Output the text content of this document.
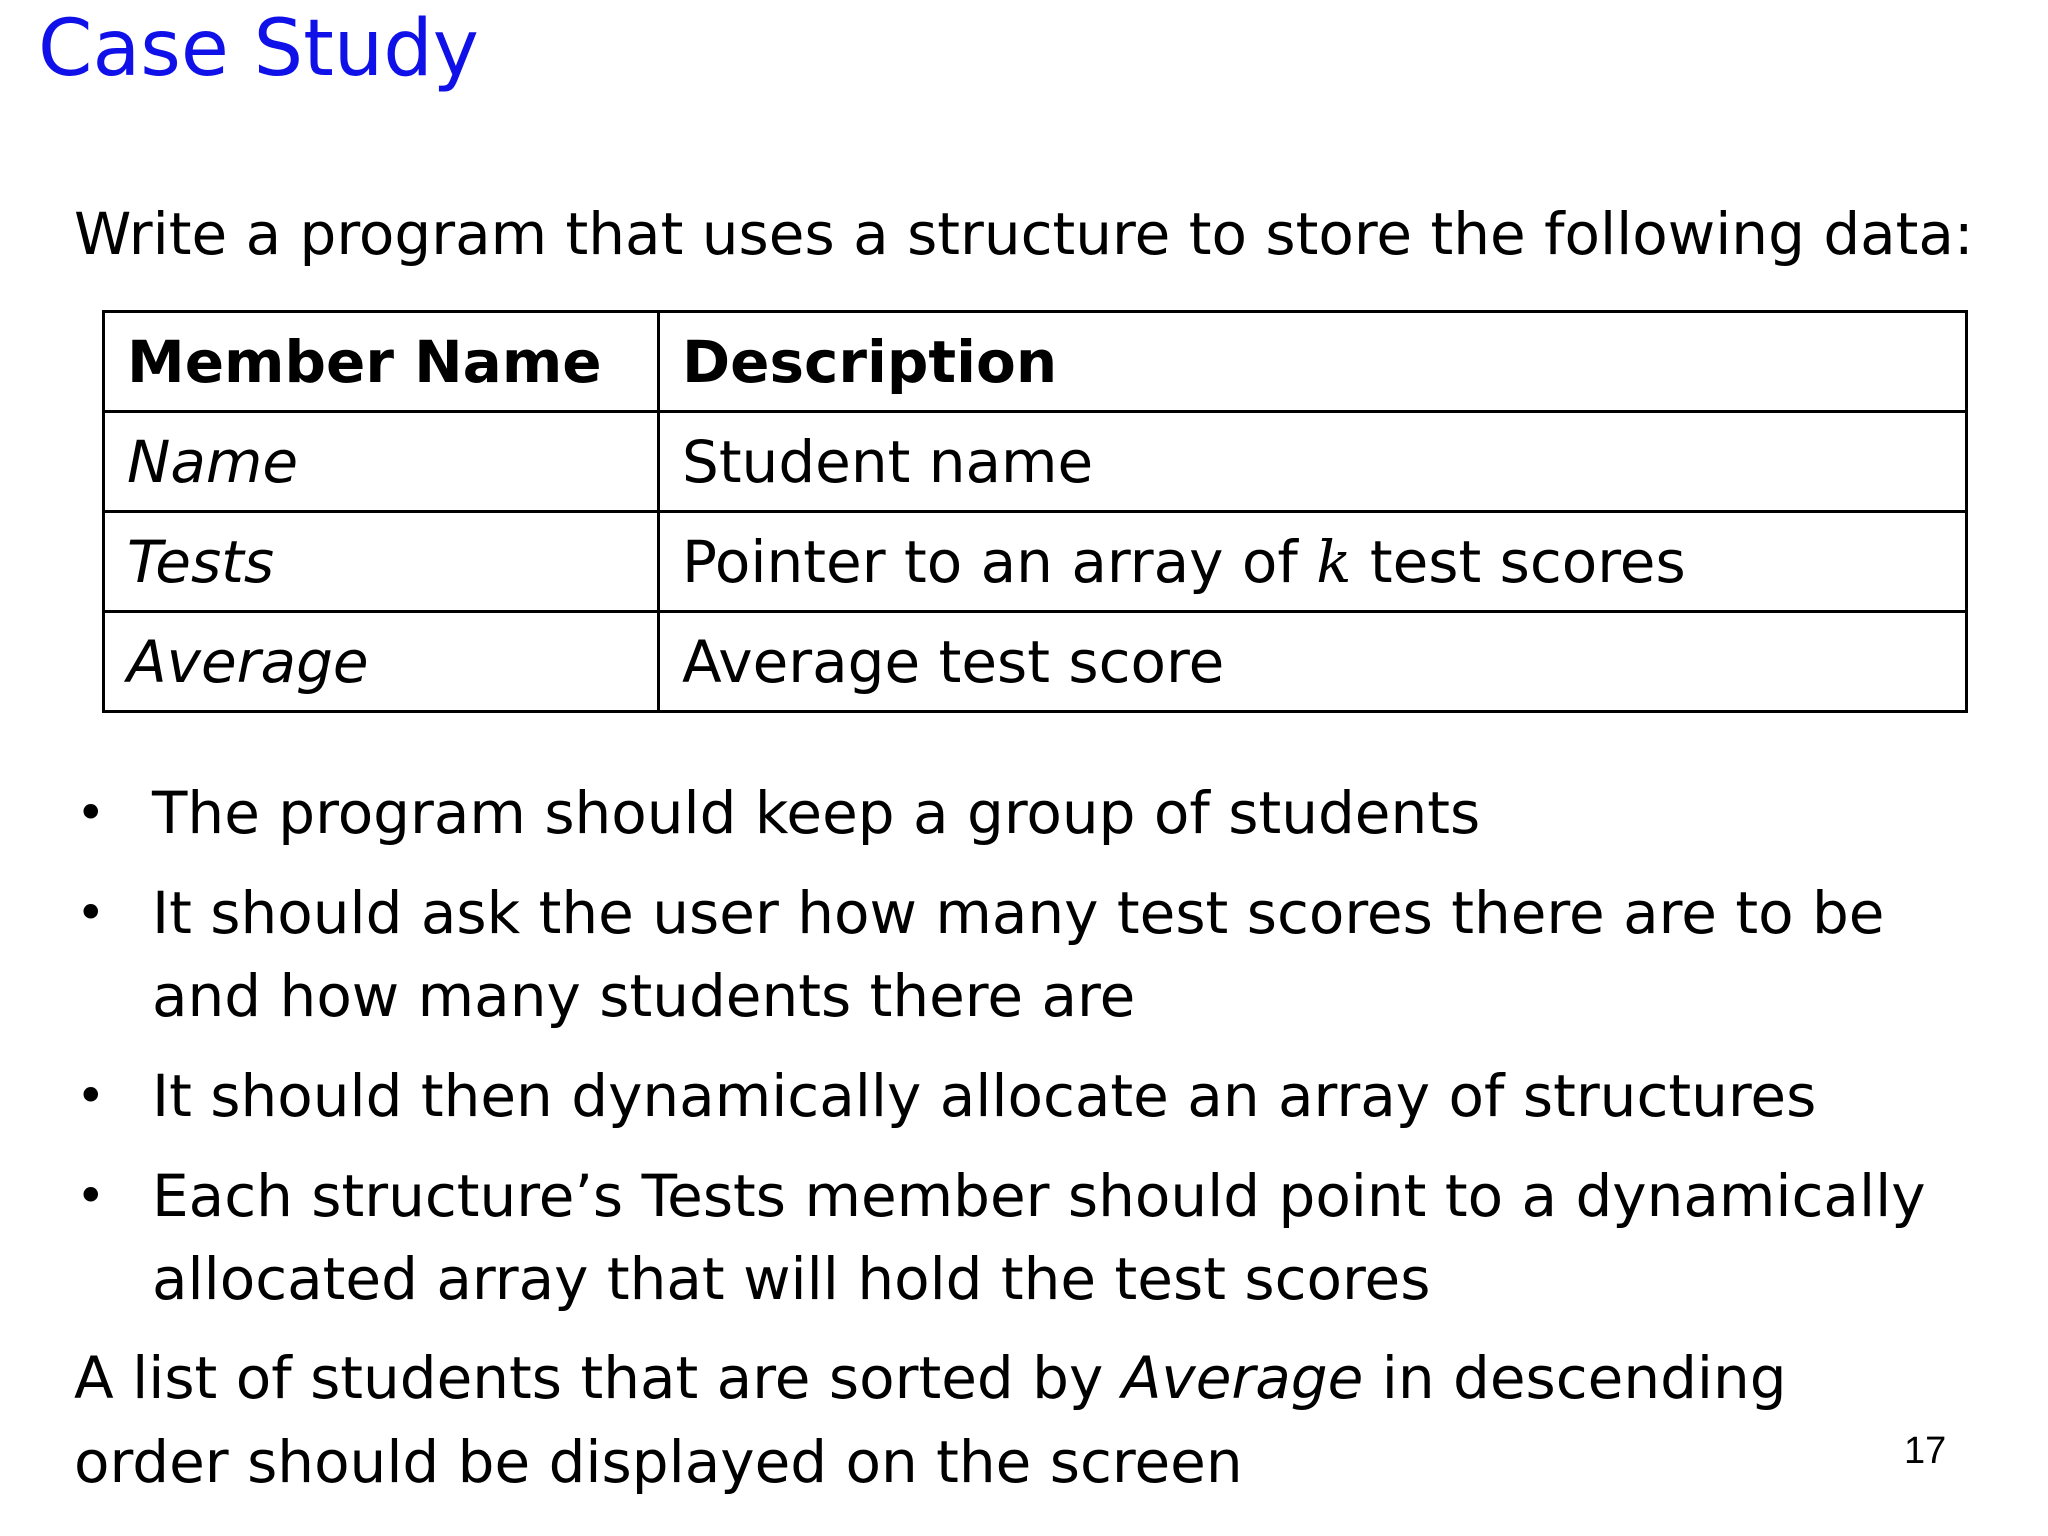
Case Study
Write a program that uses a structure to store the following data:
Member Name	Description
Name	Student name
Tests	Pointer to an array of k test scores
Average	Average test score
• The program should keep a group of students
• It should ask the user how many test scores there are to be and how many students there are
• It should then dynamically allocate an array of structures
• Each structure’s Tests member should point to a dynamically allocated array that will hold the test scores
A list of students that are sorted by Average in descending order should be displayed on the screen	17
